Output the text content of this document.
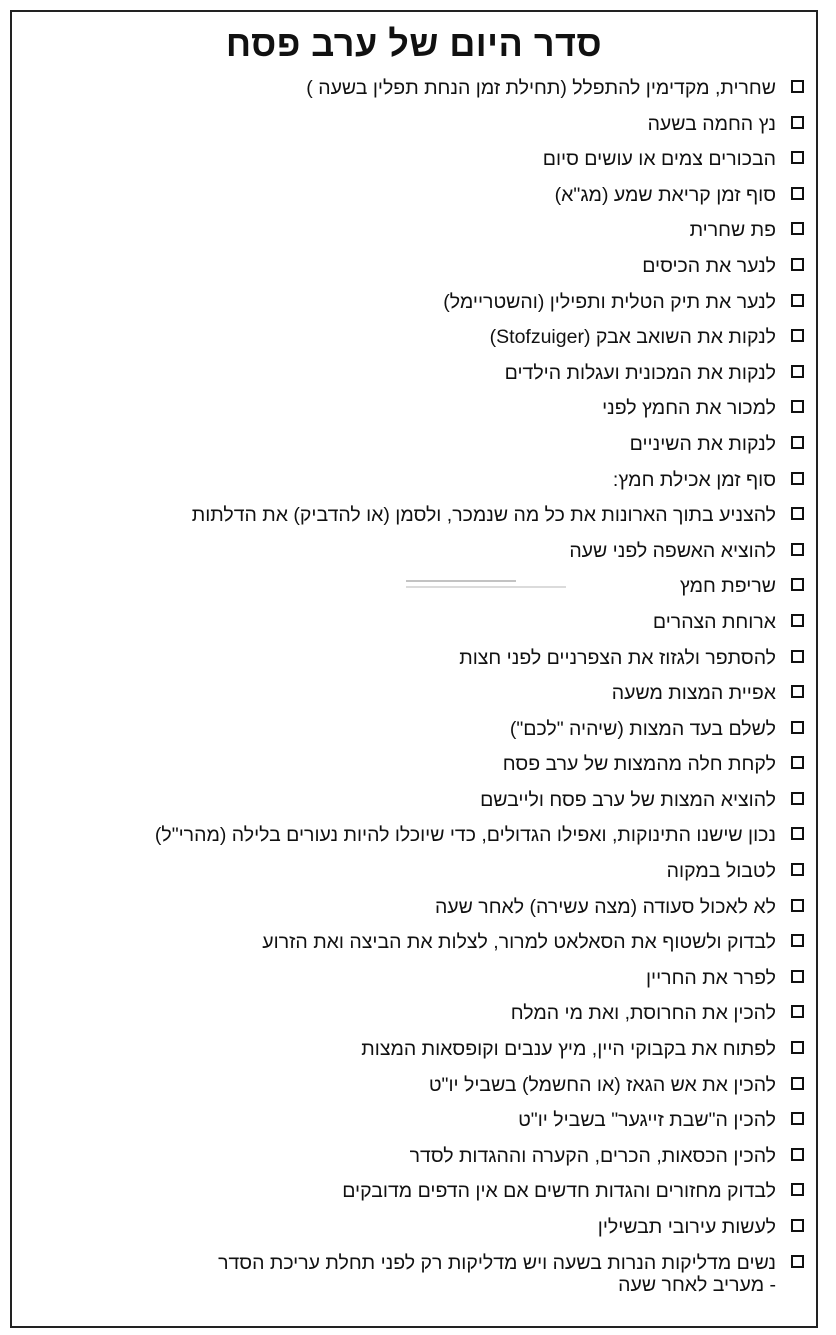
סדר היום של ערב פסח
שחרית, מקדימין להתפלל (תחילת זמן הנחת תפלין בשעה )
נץ החמה בשעה
הבכורים צמים או עושים סיום
סוף זמן קריאת שמע (מג"א)
פת שחרית
לנער את הכיסים
לנער את תיק הטלית ותפילין (והשטריימל)
לנקות את השואב אבק (Stofzuiger)
לנקות את המכונית ועגלות הילדים
למכור את החמץ לפני
לנקות את השיניים
סוף זמן אכילת חמץ:
להצניע בתוך הארונות את כל מה שנמכר, ולסמן (או להדביק) את הדלתות
להוציא האשפה לפני שעה
שריפת חמץ
ארוחת הצהרים
להסתפר ולגזוז את הצפרניים לפני חצות
אפיית המצות משעה
לשלם בעד המצות (שיהיה "לכם")
לקחת חלה מהמצות של ערב פסח
להוציא המצות של ערב פסח ולייבשם
נכון שישנו התינוקות, ואפילו הגדולים, כדי שיוכלו להיות נעורים בלילה (מהרי"ל)
לטבול במקוה
לא לאכול סעודה (מצה עשירה) לאחר שעה
לבדוק ולשטוף את הסאלאט למרור, לצלות את הביצה ואת הזרוע
לפרר את החריין
להכין את החרוסת, ואת מי המלח
לפתוח את בקבוקי היין, מיץ ענבים וקופסאות המצות
להכין את אש הגאז (או החשמל) בשביל יו"ט
להכין ה"שבת זייגער" בשביל יו"ט
להכין הכסאות, הכרים, הקערה וההגדות לסדר
לבדוק מחזורים והגדות חדשים אם אין הדפים מדובקים
לעשות עירובי תבשילין
נשים מדליקות הנרות בשעה ויש מדליקות רק לפני תחלת עריכת הסדר
- מעריב לאחר שעה
